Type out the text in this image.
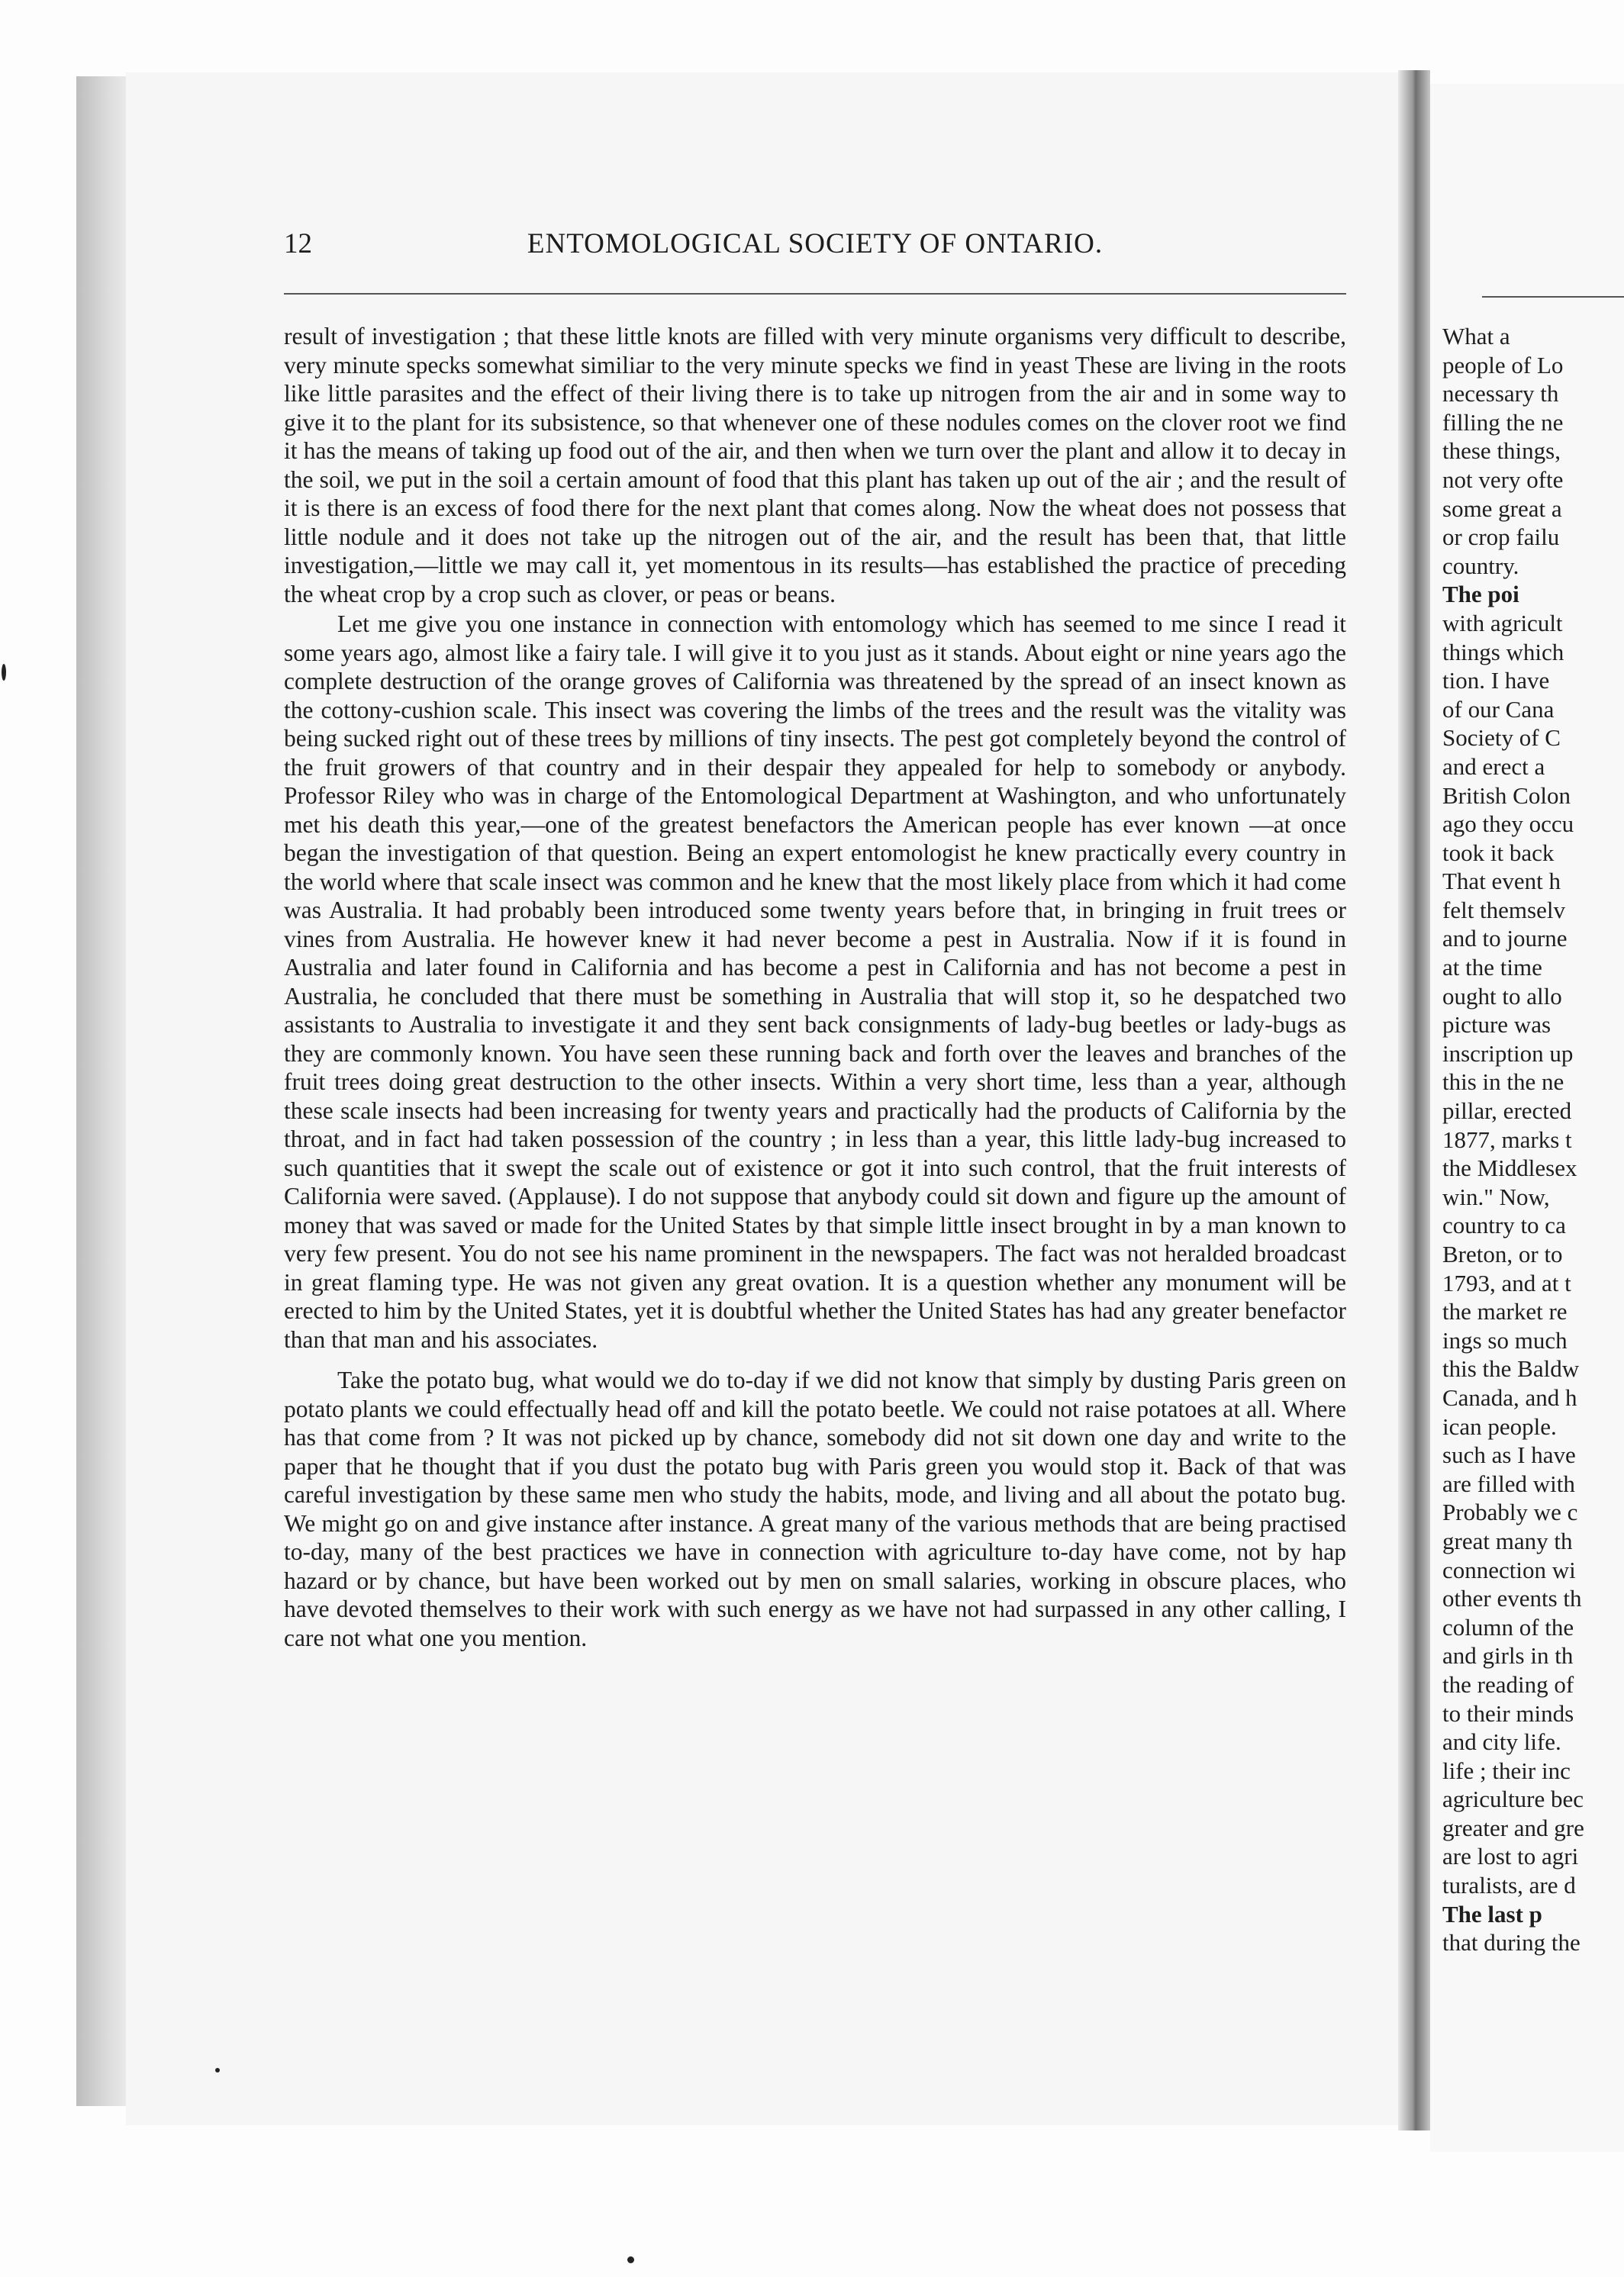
12	ENTOMOLOGICAL SOCIETY OF ONTARIO.

result of investigation ; that these little knots are filled with very minute organisms very difficult to describe, very minute specks somewhat similiar to the very minute specks we find in yeast These are living in the roots like little parasites and the effect of their living there is to take up nitrogen from the air and in some way to give it to the plant for its subsistence, so that whenever one of these nodules comes on the clover root we find it has the means of taking up food out of the air, and then when we turn over the plant and allow it to decay in the soil, we put in the soil a certain amount of food that this plant has taken up out of the air ; and the result of it is there is an excess of food there for the next plant that comes along. Now the wheat does not possess that little nodule and it does not take up the nitrogen out of the air, and the result has been that, that little investigation,—little we may call it, yet momentous in its results—has established the practice of preceding the wheat crop by a crop such as clover, or peas or beans.

Let me give you one instance in connection with entomology which has seemed to me since I read it some years ago, almost like a fairy tale. I will give it to you just as it stands. About eight or nine years ago the complete destruction of the orange groves of California was threatened by the spread of an insect known as the cottony-cushion scale. This insect was covering the limbs of the trees and the result was the vitality was being sucked right out of these trees by millions of tiny insects. The pest got completely beyond the control of the fruit growers of that country and in their despair they appealed for help to somebody or anybody. Professor Riley who was in charge of the Entomological Department at Washington, and who unfortunately met his death this year,—one of the greatest benefactors the American people has ever known —at once began the investigation of that question. Being an expert entomologist he knew practically every country in the world where that scale insect was common and he knew that the most likely place from which it had come was Australia. It had probably been introduced some twenty years before that, in bringing in fruit trees or vines from Australia. He however knew it had never become a pest in Australia. Now if it is found in Australia and later found in California and has become a pest in California and has not become a pest in Australia, he concluded that there must be something in Australia that will stop it, so he despatched two assistants to Australia to investigate it and they sent back consignments of lady-bug beetles or lady-bugs as they are commonly known. You have seen these running back and forth over the leaves and branches of the fruit trees doing great destruction to the other insects. Within a very short time, less than a year, although these scale insects had been increasing for twenty years and practically had the products of California by the throat, and in fact had taken possession of the country ; in less than a year, this little lady-bug increased to such quantities that it swept the scale out of existence or got it into such control, that the fruit interests of California were saved. (Applause). I do not suppose that anybody could sit down and figure up the amount of money that was saved or made for the United States by that simple little insect brought in by a man known to very few present. You do not see his name prominent in the newspapers. The fact was not heralded broadcast in great flaming type. He was not given any great ovation. It is a question whether any monument will be erected to him by the United States, yet it is doubtful whether the United States has had any greater benefactor than that man and his associates.

Take the potato bug, what would we do to-day if we did not know that simply by dusting Paris green on potato plants we could effectually head off and kill the potato beetle. We could not raise potatoes at all. Where has that come from ? It was not picked up by chance, somebody did not sit down one day and write to the paper that he thought that if you dust the potato bug with Paris green you would stop it. Back of that was careful investigation by these same men who study the habits, mode, and living and all about the potato bug. We might go on and give instance after instance. A great many of the various methods that are being practised to-day, many of the best practices we have in connection with agriculture to-day have come, not by hap hazard or by chance, but have been worked out by men on small salaries, working in obscure places, who have devoted themselves to their work with such energy as we have not had surpassed in any other calling, I care not what one you mention.

What a
people of Lo
necessary th
filling the ne
these things,
not very ofte
some great a
or crop failu
country.
The poi
with agricult
things which
tion. I have
of our Cana
Society of C
and erect a
British Colon
ago they occu
took it back
That event h
felt themselv
and to journe
at the time
ought to allo
picture was
inscription up
this in the ne
pillar, erected
1877, marks t
the Middlesex
win." Now,
country to ca
Breton, or to
1793, and at t
the market re
ings so much
this the Baldw
Canada, and h
ican people.
such as I have
are filled with
Probably we c
great many th
connection wi
other events th
column of the
and girls in th
the reading of
to their minds
and city life.
life ; their inc
agriculture bec
greater and gre
are lost to agri
turalists, are d
The last p
that during the
